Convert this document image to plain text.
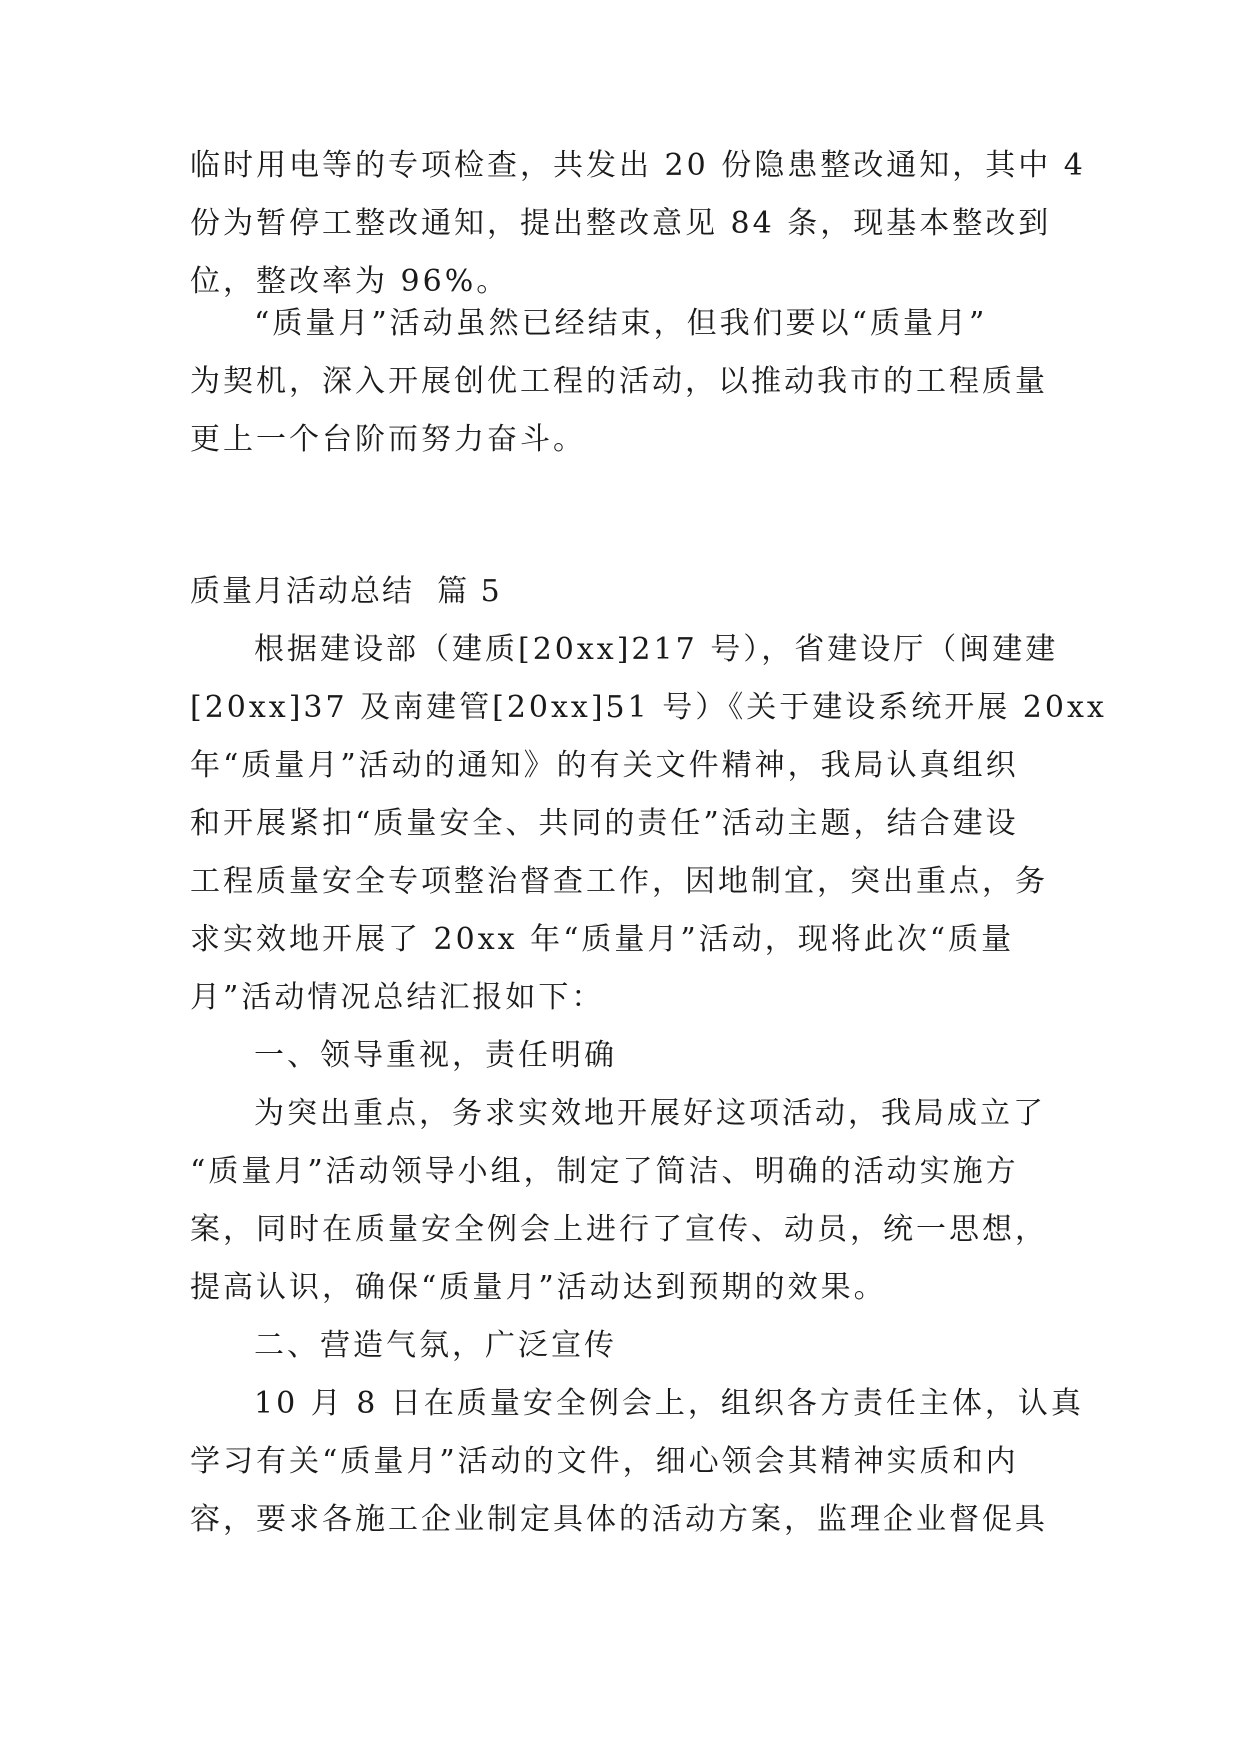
临时用电等的专项检查，共发出 20 份隐患整改通知，其中 4
份为暂停工整改通知，提出整改意见 84 条，现基本整改到
位，整改率为 96%。
“质量月”活动虽然已经结束，但我们要以“质量月”
为契机，深入开展创优工程的活动，以推动我市的工程质量
更上一个台阶而努力奋斗。
质量月活动总结  篇 5
根据建设部（建质[20xx]217 号），省建设厅（闽建建
[20xx]37 及南建管[20xx]51 号）《关于建设系统开展 20xx
年“质量月”活动的通知》的有关文件精神，我局认真组织
和开展紧扣“质量安全、共同的责任”活动主题，结合建设
工程质量安全专项整治督查工作，因地制宜，突出重点，务
求实效地开展了 20xx 年“质量月”活动，现将此次“质量
月”活动情况总结汇报如下：
一、领导重视，责任明确
为突出重点，务求实效地开展好这项活动，我局成立了
“质量月”活动领导小组，制定了简洁、明确的活动实施方
案，同时在质量安全例会上进行了宣传、动员，统一思想，
提高认识，确保“质量月”活动达到预期的效果。
二、营造气氛，广泛宣传
10 月 8 日在质量安全例会上，组织各方责任主体，认真
学习有关“质量月”活动的文件，细心领会其精神实质和内
容，要求各施工企业制定具体的活动方案，监理企业督促具
